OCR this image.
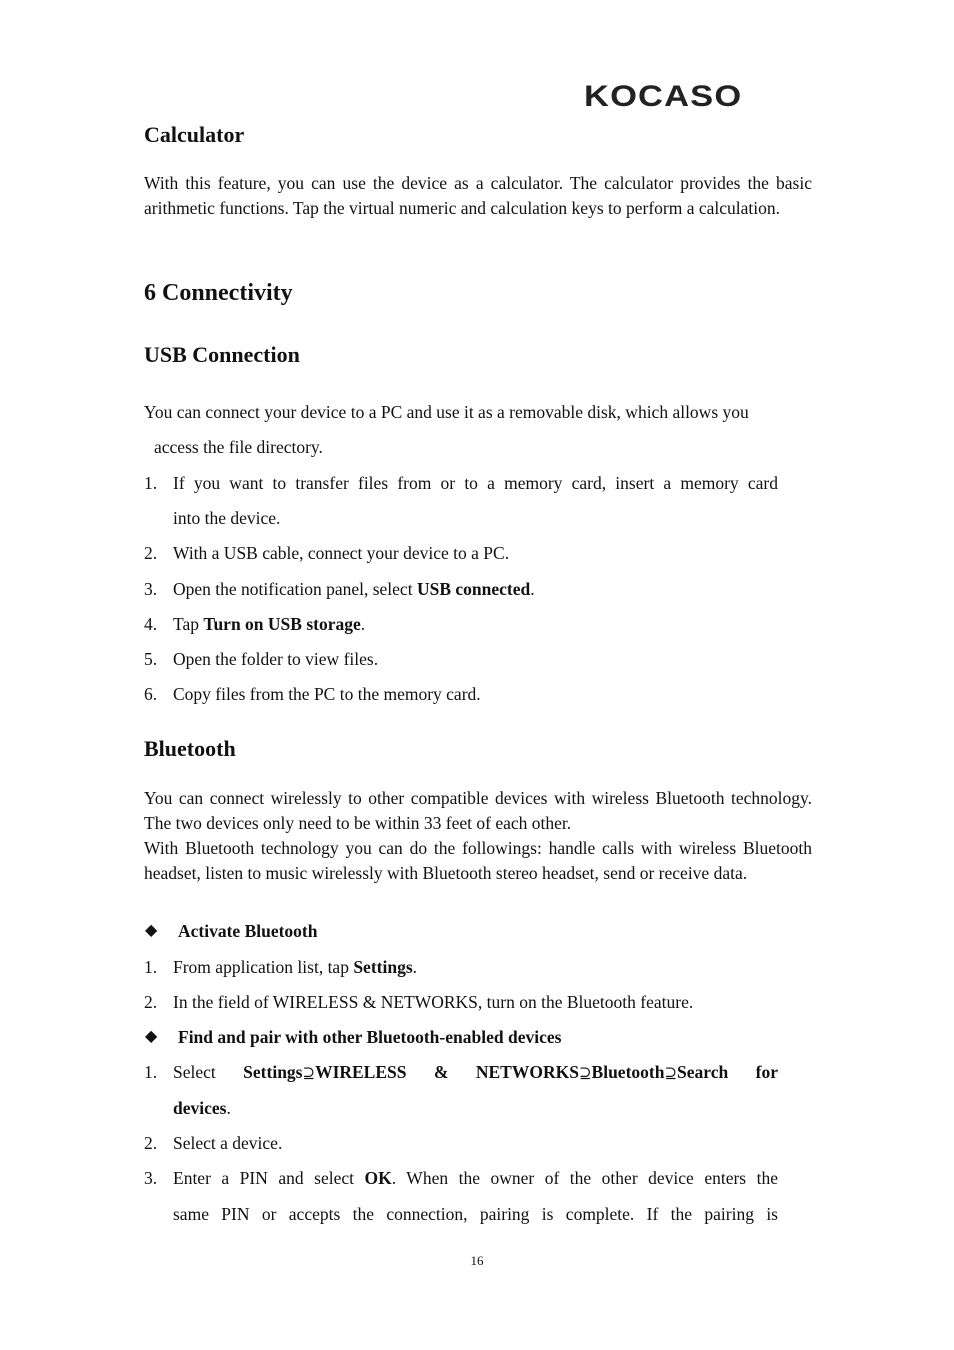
KOCASO
Calculator
With this feature, you can use the device as a calculator. The calculator provides the basic arithmetic functions. Tap the virtual numeric and calculation keys to perform a calculation.
6 Connectivity
USB Connection
You can connect your device to a PC and use it as a removable disk, which allows you
access the file directory.
1. If you want to transfer files from or to a memory card, insert a memory card
into the device.
2. With a USB cable, connect your device to a PC.
3. Open the notification panel, select USB connected.
4. Tap Turn on USB storage.
5. Open the folder to view files.
6. Copy files from the PC to the memory card.
Bluetooth
You can connect wirelessly to other compatible devices with wireless Bluetooth technology. The two devices only need to be within 33 feet of each other.
With Bluetooth technology you can do the followings: handle calls with wireless Bluetooth headset, listen to music wirelessly with Bluetooth stereo headset, send or receive data.
◆ Activate Bluetooth
1. From application list, tap Settings.
2. In the field of WIRELESS & NETWORKS, turn on the Bluetooth feature.
◆ Find and pair with other Bluetooth-enabled devices
1. Select Settings⊇WIRELESS & NETWORKS⊇Bluetooth⊇Search for
devices.
2. Select a device.
3. Enter a PIN and select OK. When the owner of the other device enters the
same PIN or accepts the connection, pairing is complete. If the pairing is
16
